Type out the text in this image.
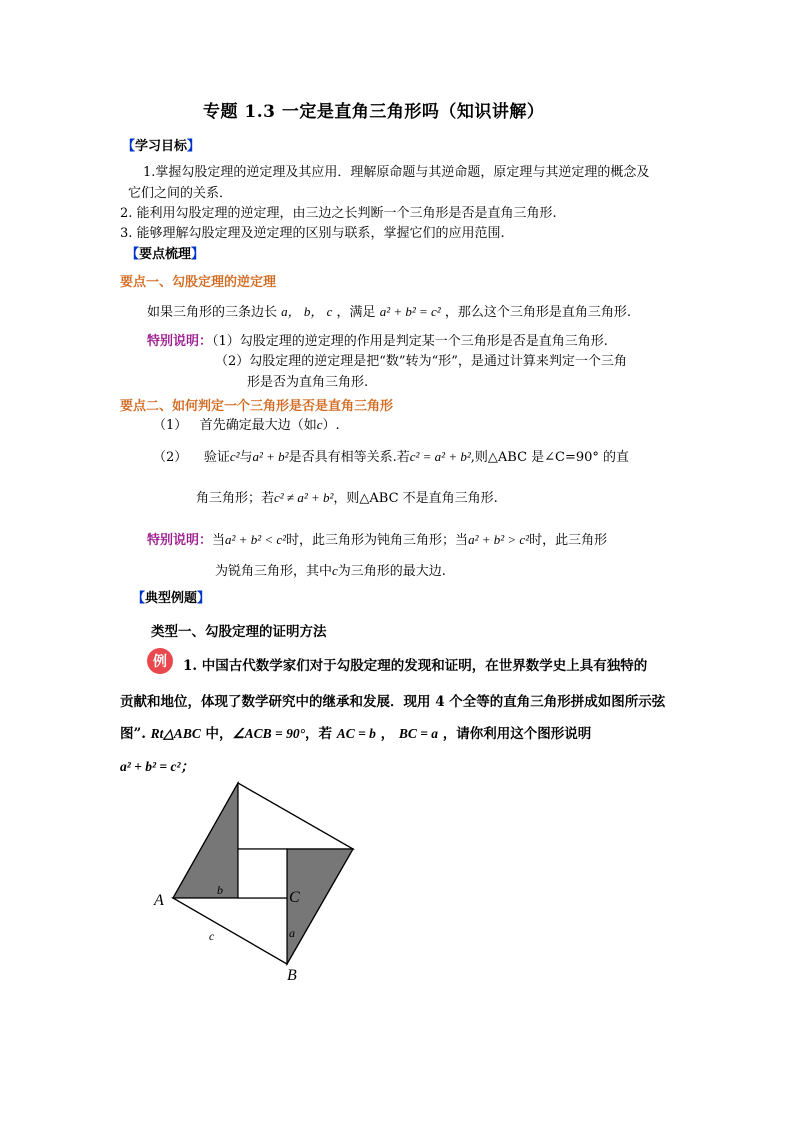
专题 1.3 一定是直角三角形吗（知识讲解）
【学习目标】
1.掌握勾股定理的逆定理及其应用．理解原命题与其逆命题，原定理与其逆定理的概念及
它们之间的关系．
2. 能利用勾股定理的逆定理，由三边之长判断一个三角形是否是直角三角形.
3. 能够理解勾股定理及逆定理的区别与联系，掌握它们的应用范围.
【要点梳理】
要点一、勾股定理的逆定理
如果三角形的三条边长 a， b， c ，满足 a² + b² = c² ，那么这个三角形是直角三角形.
特别说明：（1）勾股定理的逆定理的作用是判定某一个三角形是否是直角三角形.
（2）勾股定理的逆定理是把“数”转为“形”，是通过计算来判定一个三角
形是否为直角三角形.
要点二、如何判定一个三角形是否是直角三角形
（1） 首先确定最大边（如c）.
（2） 验证c²与a² + b²是否具有相等关系.若c² = a² + b²,则△ABC 是∠C=90° 的直
角三角形；若c² ≠ a² + b²，则△ABC 不是直角三角形.
特别说明：当a² + b² < c²时，此三角形为钝角三角形；当a² + b² > c²时，此三角形
为锐角三角形，其中c为三角形的最大边.
【典型例题】
类型一、勾股定理的证明方法
例	1. 中国古代数学家们对于勾股定理的发现和证明，在世界数学史上具有独特的
贡献和地位，体现了数学研究中的继承和发展．现用 4 个全等的直角三角形拼成如图所示弦
图”. Rt△ABC 中，∠ACB = 90°，若 AC = b ， BC = a ，请你利用这个图形说明
a² + b² = c²；
A
B
C
a
b
c
